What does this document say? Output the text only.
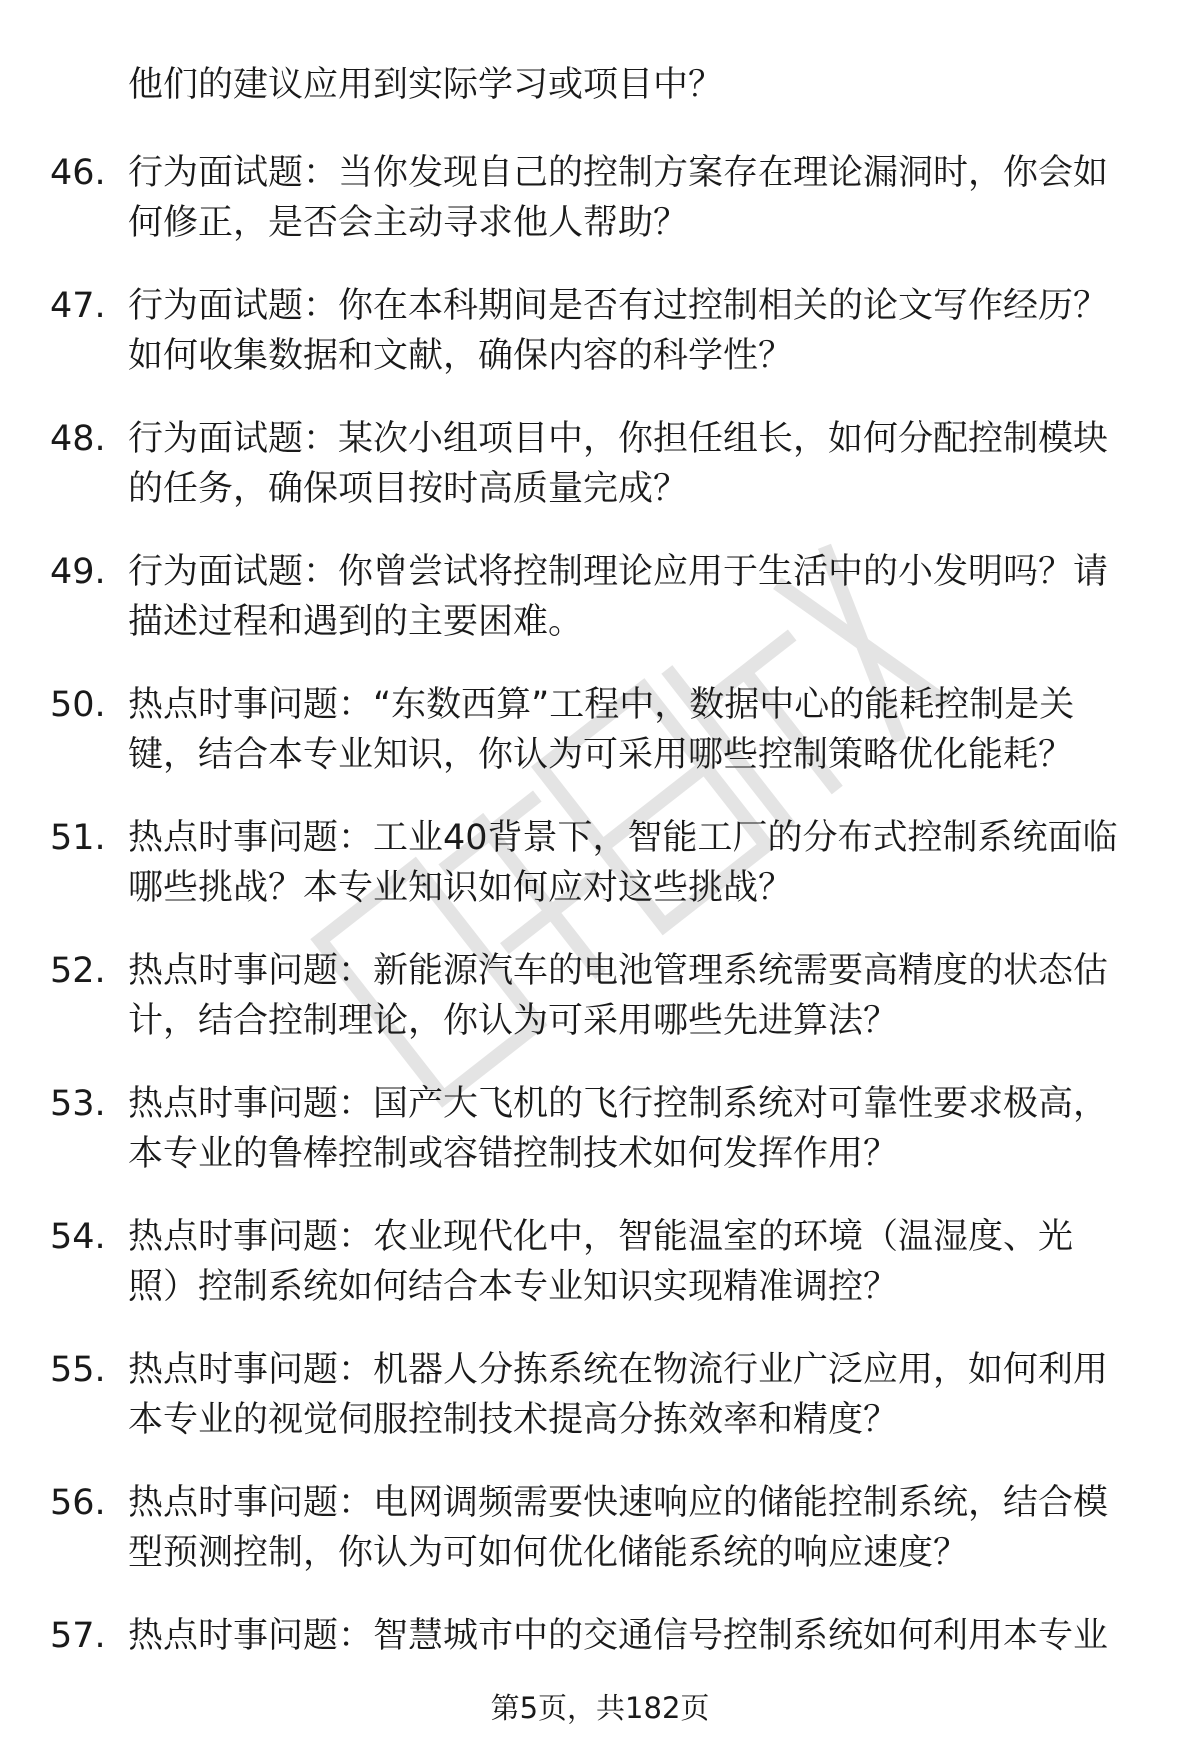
他们的建议应用到实际学习或项目中？

46. 行为面试题：当你发现自己的控制方案存在理论漏洞时，你会如
何修正，是否会主动寻求他人帮助？
47. 行为面试题：你在本科期间是否有过控制相关的论文写作经历？
如何收集数据和文献，确保内容的科学性？
48. 行为面试题：某次小组项目中，你担任组长，如何分配控制模块
的任务，确保项目按时高质量完成？
49. 行为面试题：你曾尝试将控制理论应用于生活中的小发明吗？请
描述过程和遇到的主要困难。
50. 热点时事问题：“东数西算”工程中，数据中心的能耗控制是关
键，结合本专业知识，你认为可采用哪些控制策略优化能耗？
51. 热点时事问题：工业40背景下，智能工厂的分布式控制系统面临
哪些挑战？本专业知识如何应对这些挑战？
52. 热点时事问题：新能源汽车的电池管理系统需要高精度的状态估
计，结合控制理论，你认为可采用哪些先进算法？
53. 热点时事问题：国产大飞机的飞行控制系统对可靠性要求极高，
本专业的鲁棒控制或容错控制技术如何发挥作用？
54. 热点时事问题：农业现代化中，智能温室的环境（温湿度、光
照）控制系统如何结合本专业知识实现精准调控？
55. 热点时事问题：机器人分拣系统在物流行业广泛应用，如何利用
本专业的视觉伺服控制技术提高分拣效率和精度？
56. 热点时事问题：电网调频需要快速响应的储能控制系统，结合模
型预测控制，你认为可如何优化储能系统的响应速度？
57. 热点时事问题：智慧城市中的交通信号控制系统如何利用本专业
第5页，共182页
